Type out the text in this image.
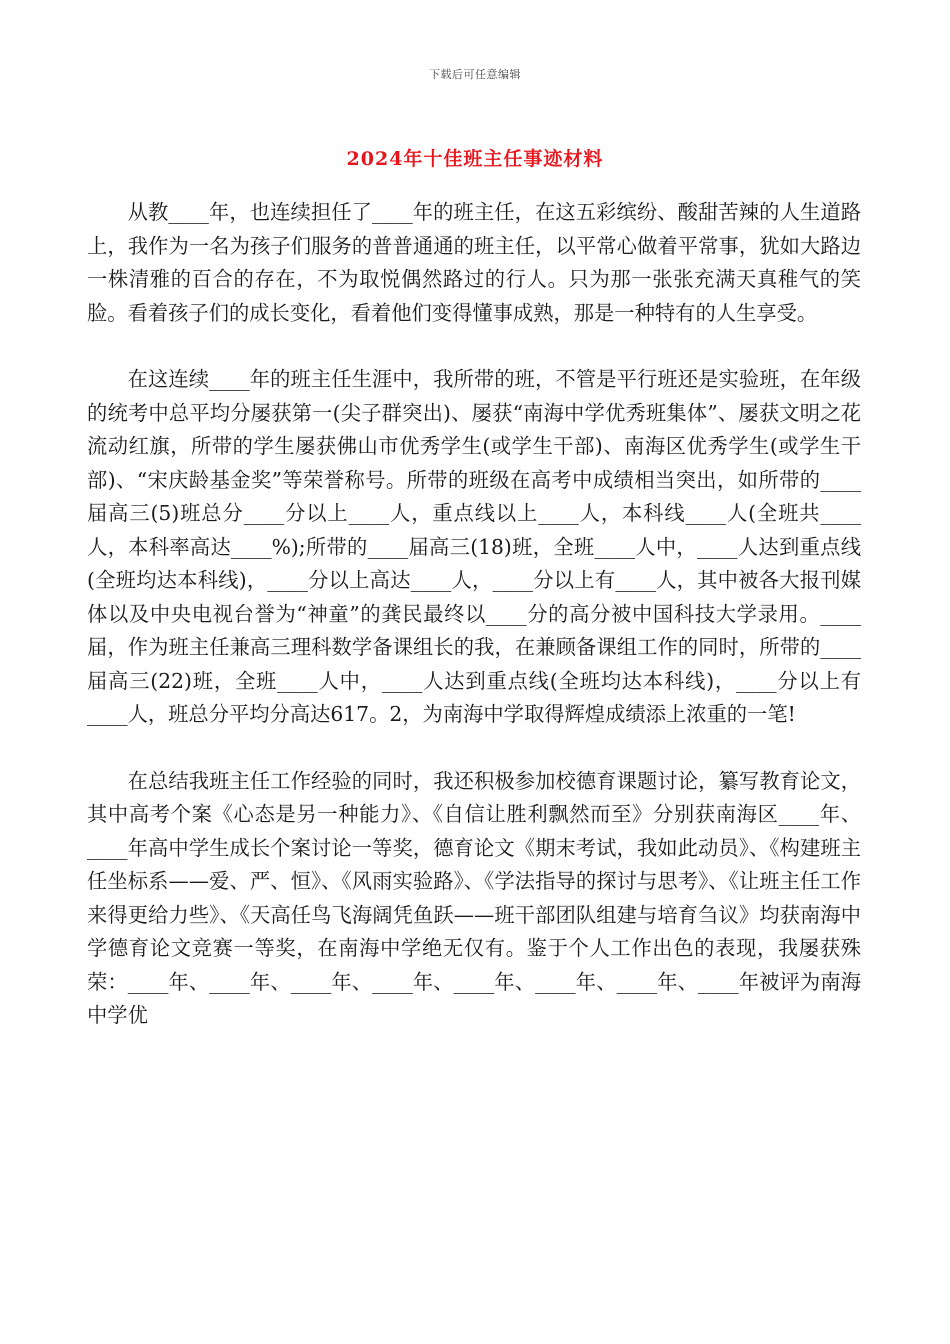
下载后可任意编辑
2024年十佳班主任事迹材料

从教____年，也连续担任了____年的班主任，在这五彩缤纷、酸甜苦辣的人生道路上，我作为一名为孩子们服务的普普通通的班主任，以平常心做着平常事，犹如大路边一株清雅的百合的存在，不为取悦偶然路过的行人。只为那一张张充满天真稚气的笑脸。看着孩子们的成长变化，看着他们变得懂事成熟，那是一种特有的人生享受。

在这连续____年的班主任生涯中，我所带的班，不管是平行班还是实验班，在年级的统考中总平均分屡获第一(尖子群突出)、屡获“南海中学优秀班集体”、屡获文明之花流动红旗，所带的学生屡获佛山市优秀学生(或学生干部)、南海区优秀学生(或学生干部)、“宋庆龄基金奖”等荣誉称号。所带的班级在高考中成绩相当突出，如所带的____届高三(5)班总分____分以上____人，重点线以上____人，本科线____人(全班共____人，本科率高达____%);所带的____届高三(18)班，全班____人中，____人达到重点线(全班均达本科线)，____分以上高达____人，____分以上有____人，其中被各大报刊媒体以及中央电视台誉为“神童”的龚民最终以____分的高分被中国科技大学录用。____届，作为班主任兼高三理科数学备课组长的我，在兼顾备课组工作的同时，所带的____届高三(22)班，全班____人中，____人达到重点线(全班均达本科线)，____分以上有____人，班总分平均分高达617。2，为南海中学取得辉煌成绩添上浓重的一笔!

在总结我班主任工作经验的同时，我还积极参加校德育课题讨论，纂写教育论文，其中高考个案《心态是另一种能力》、《自信让胜利飘然而至》分别获南海区____年、____年高中学生成长个案讨论一等奖，德育论文《期末考试，我如此动员》、《构建班主任坐标系——爱、严、恒》、《风雨实验路》、《学法指导的探讨与思考》、《让班主任工作来得更给力些》、《天高任鸟飞海阔凭鱼跃——班干部团队组建与培育刍议》均获南海中学德育论文竞赛一等奖，在南海中学绝无仅有。鉴于个人工作出色的表现，我屡获殊荣：____年、____年、____年、____年、____年、____年、____年、____年被评为南海中学优
